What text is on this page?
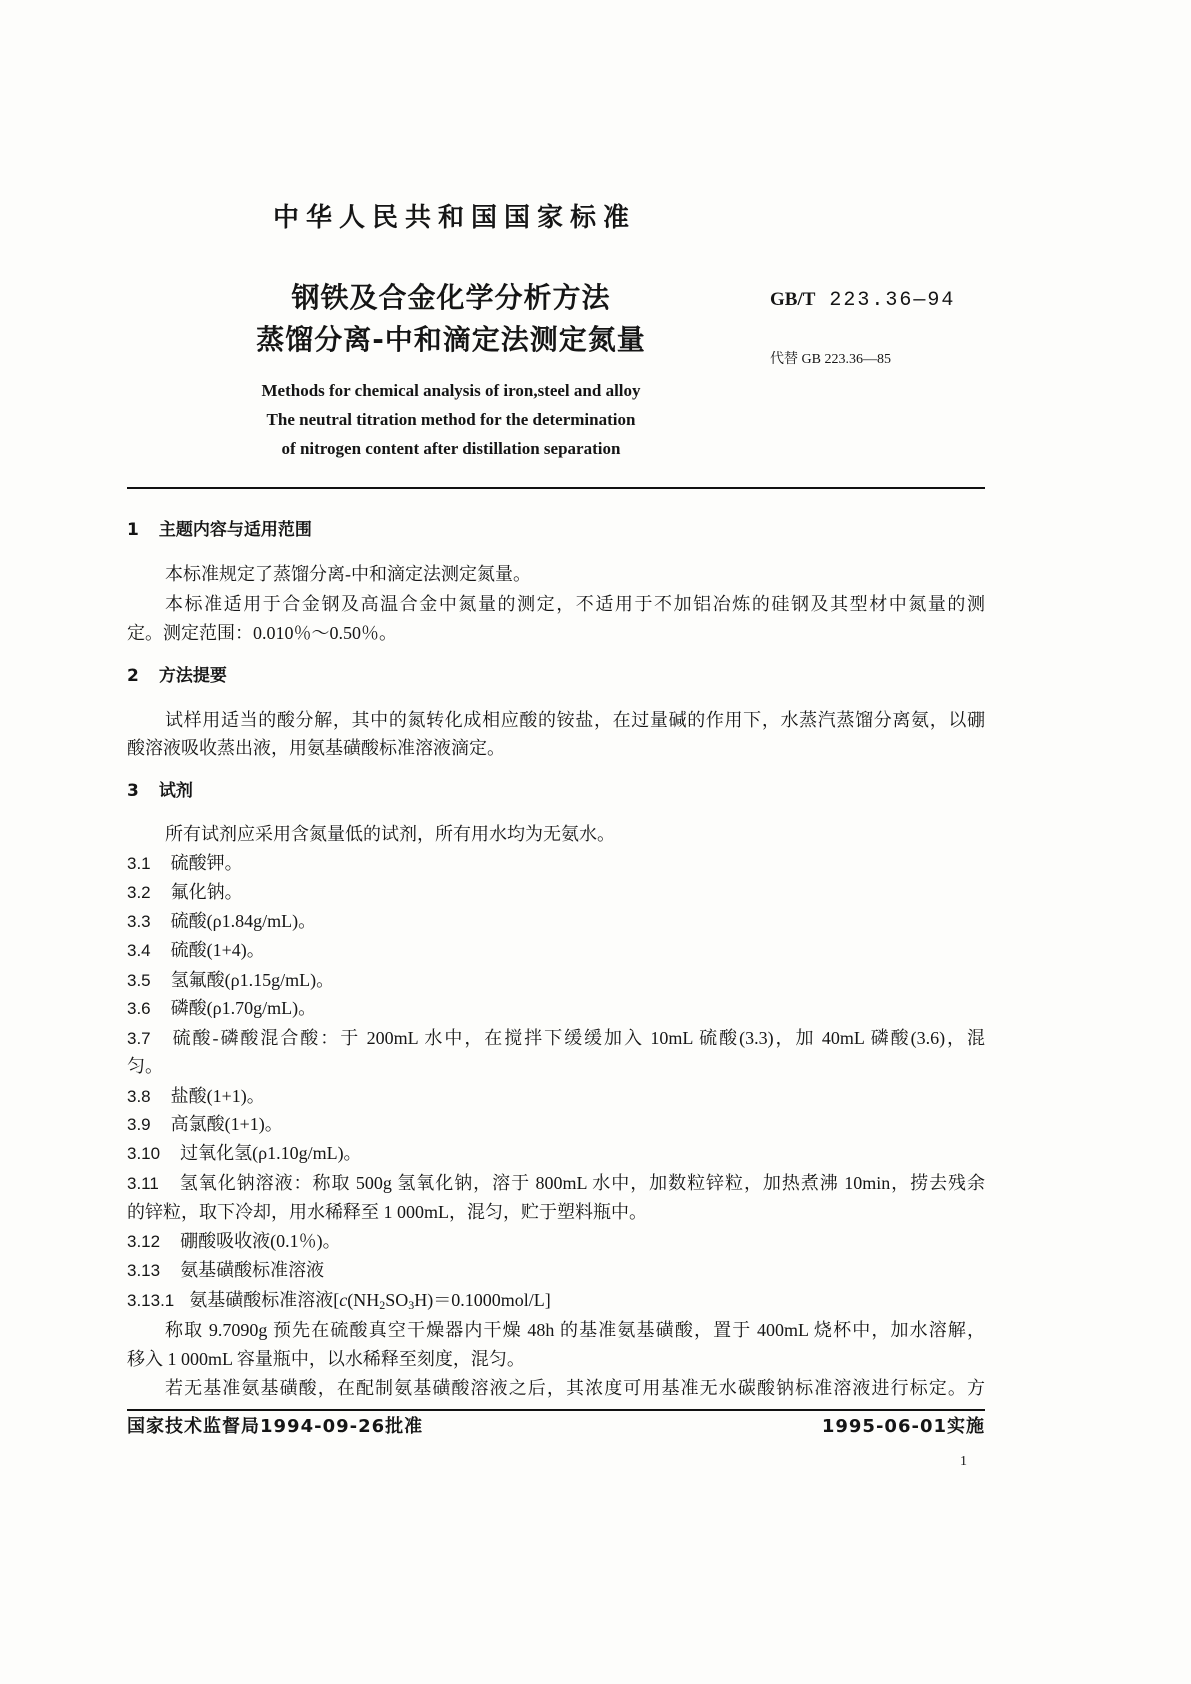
中华人民共和国国家标准
钢铁及合金化学分析方法
蒸馏分离-中和滴定法测定氮量
GB/T 223.36—94
代替 GB 223.36—85
Methods for chemical analysis of iron,steel and alloy
The neutral titration method for the determination
of nitrogen content after distillation separation
1 主题内容与适用范围
本标准规定了蒸馏分离-中和滴定法测定氮量。
本标准适用于合金钢及高温合金中氮量的测定，不适用于不加铝冶炼的硅钢及其型材中氮量的测
定。测定范围：0.010％～0.50％。
2 方法提要
试样用适当的酸分解，其中的氮转化成相应酸的铵盐，在过量碱的作用下，水蒸汽蒸馏分离氨，以硼
酸溶液吸收蒸出液，用氨基磺酸标准溶液滴定。
3 试剂
所有试剂应采用含氮量低的试剂，所有用水均为无氨水。
3.1 硫酸钾。
3.2 氟化钠。
3.3 硫酸(ρ1.84g/mL)。
3.4 硫酸(1+4)。
3.5 氢氟酸(ρ1.15g/mL)。
3.6 磷酸(ρ1.70g/mL)。
3.7 硫酸-磷酸混合酸：于 200mL 水中，在搅拌下缓缓加入 10mL 硫酸(3.3)，加 40mL 磷酸(3.6)，混
匀。
3.8 盐酸(1+1)。
3.9 高氯酸(1+1)。
3.10 过氧化氢(ρ1.10g/mL)。
3.11 氢氧化钠溶液：称取 500g 氢氧化钠，溶于 800mL 水中，加数粒锌粒，加热煮沸 10min，捞去残余
的锌粒，取下冷却，用水稀释至 1 000mL，混匀，贮于塑料瓶中。
3.12 硼酸吸收液(0.1％)。
3.13 氨基磺酸标准溶液
3.13.1 氨基磺酸标准溶液$[c(NH_2SO_3H)=0.1000mol/L]$
称取 9.7090g 预先在硫酸真空干燥器内干燥 48h 的基准氨基磺酸，置于 400mL 烧杯中，加水溶解，
移入 1 000mL 容量瓶中，以水稀释至刻度，混匀。
若无基准氨基磺酸，在配制氨基磺酸溶液之后，其浓度可用基准无水碳酸钠标准溶液进行标定。方
国家技术监督局1994-09-26批准	1995-06-01实施
1
